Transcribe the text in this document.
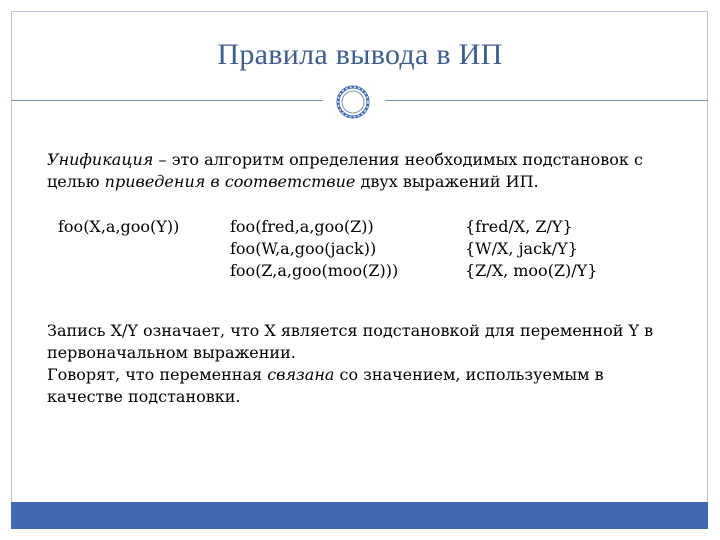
Правила вывода в ИП
Унификация – это алгоритм определения необходимых подстановок с
целью приведения в соответствие двух выражений ИП.
foo(X,a,goo(Y))	foo(fred,a,goo(Z))
foo(W,a,goo(jack))
foo(Z,a,goo(moo(Z)))
{fred/X, Z/Y}
{W/X, jack/Y}
{Z/X, moo(Z)/Y}
Запись X/Y означает, что X является подстановкой для переменной Y в
первоначальном выражении.
Говорят, что переменная связана со значением, используемым в
качестве подстановки.
